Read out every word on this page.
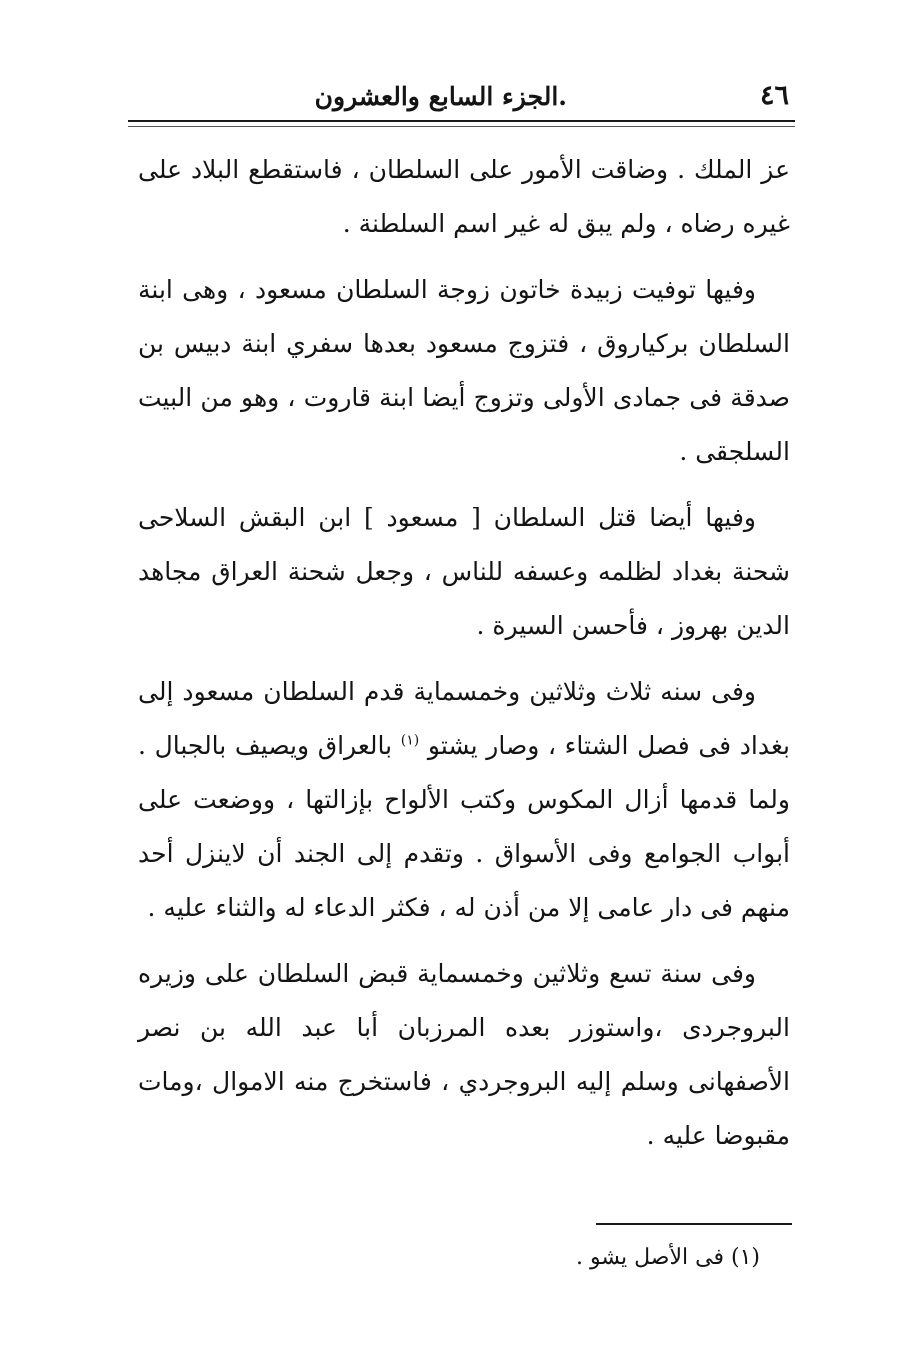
٤٦
.الجزء السابع والعشرون

عز الملك . وضاقت الأمور على السلطان ، فاستقطع البلاد على غيره رضاه ، ولم يبق له غير اسم السلطنة .

وفيها توفيت زبيدة خاتون زوجة السلطان مسعود ، وهى ابنة السلطان بركياروق ، فتزوج مسعود بعدها سفري ابنة دبيس بن صدقة فى جمادى الأولى وتزوج أيضا ابنة قاروت ، وهو من البيت السلجقى .

وفيها أيضا قتل السلطان [ مسعود ] ابن البقش السلاحى شحنة بغداد لظلمه وعسفه للناس ، وجعل شحنة العراق مجاهد الدين بهروز ، فأحسن السيرة .

وفى سنه ثلاث وثلاثين وخمسماية قدم السلطان مسعود إلى بغداد فى فصل الشتاء ، وصار يشتو $^{(١)}$ بالعراق ويصيف بالجبال . ولما قدمها أزال المكوس وكتب الألواح بإزالتها ، ووضعت على أبواب الجوامع وفى الأسواق . وتقدم إلى الجند أن لاينزل أحد منهم فى دار عامى إلا من أذن له ، فكثر الدعاء له والثناء عليه .

وفى سنة تسع وثلاثين وخمسماية قبض السلطان على وزيره البروجردى ،واستوزر بعده المرزبان أبا عبد الله بن نصر الأصفهانى وسلم إليه البروجردي ، فاستخرج منه الاموال ،ومات مقبوضا عليه .

(١) فى الأصل يشو .
